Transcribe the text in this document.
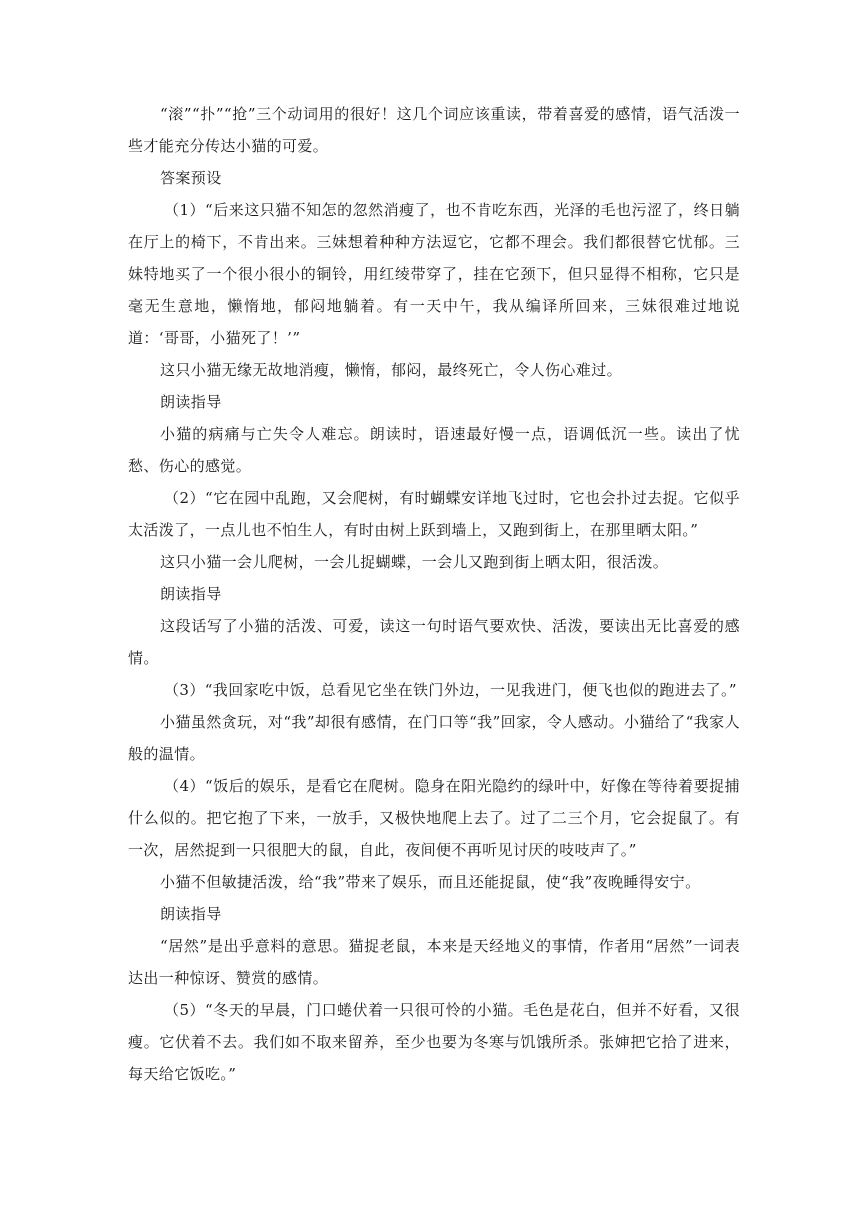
“滚”“扑”“抢”三个动词用的很好！这几个词应该重读，带着喜爱的感情，语气活泼一些才能充分传达小猫的可爱。

答案预设

（1）“后来这只猫不知怎的忽然消瘦了，也不肯吃东西，光泽的毛也污涩了，终日躺在厅上的椅下，不肯出来。三妹想着种种方法逗它，它都不理会。我们都很替它忧郁。三妹特地买了一个很小很小的铜铃，用红绫带穿了，挂在它颈下，但只显得不相称，它只是毫无生意地，懒惰地，郁闷地躺着。有一天中午，我从编译所回来，三妹很难过地说道：‘哥哥，小猫死了！’”

这只小猫无缘无故地消瘦，懒惰，郁闷，最终死亡，令人伤心难过。

朗读指导

小猫的病痛与亡失令人难忘。朗读时，语速最好慢一点，语调低沉一些。读出了忧愁、伤心的感觉。

（2）“它在园中乱跑，又会爬树，有时蝴蝶安详地飞过时，它也会扑过去捉。它似乎太活泼了，一点儿也不怕生人，有时由树上跃到墙上，又跑到街上，在那里晒太阳。”

这只小猫一会儿爬树，一会儿捉蝴蝶，一会儿又跑到街上晒太阳，很活泼。

朗读指导

这段话写了小猫的活泼、可爱，读这一句时语气要欢快、活泼，要读出无比喜爱的感情。

（3）“我回家吃中饭，总看见它坐在铁门外边，一见我进门，便飞也似的跑进去了。”

小猫虽然贪玩，对“我”却很有感情，在门口等“我”回家，令人感动。小猫给了“我家人般的温情。

（4）“饭后的娱乐，是看它在爬树。隐身在阳光隐约的绿叶中，好像在等待着要捉捕什么似的。把它抱了下来，一放手，又极快地爬上去了。过了二三个月，它会捉鼠了。有一次，居然捉到一只很肥大的鼠，自此，夜间便不再听见讨厌的吱吱声了。”

小猫不但敏捷活泼，给“我”带来了娱乐，而且还能捉鼠，使“我”夜晚睡得安宁。

朗读指导

“居然”是出乎意料的意思。猫捉老鼠，本来是天经地义的事情，作者用“居然”一词表达出一种惊讶、赞赏的感情。

（5）“冬天的早晨，门口蜷伏着一只很可怜的小猫。毛色是花白，但并不好看，又很瘦。它伏着不去。我们如不取来留养，至少也要为冬寒与饥饿所杀。张婶把它拾了进来，每天给它饭吃。”
